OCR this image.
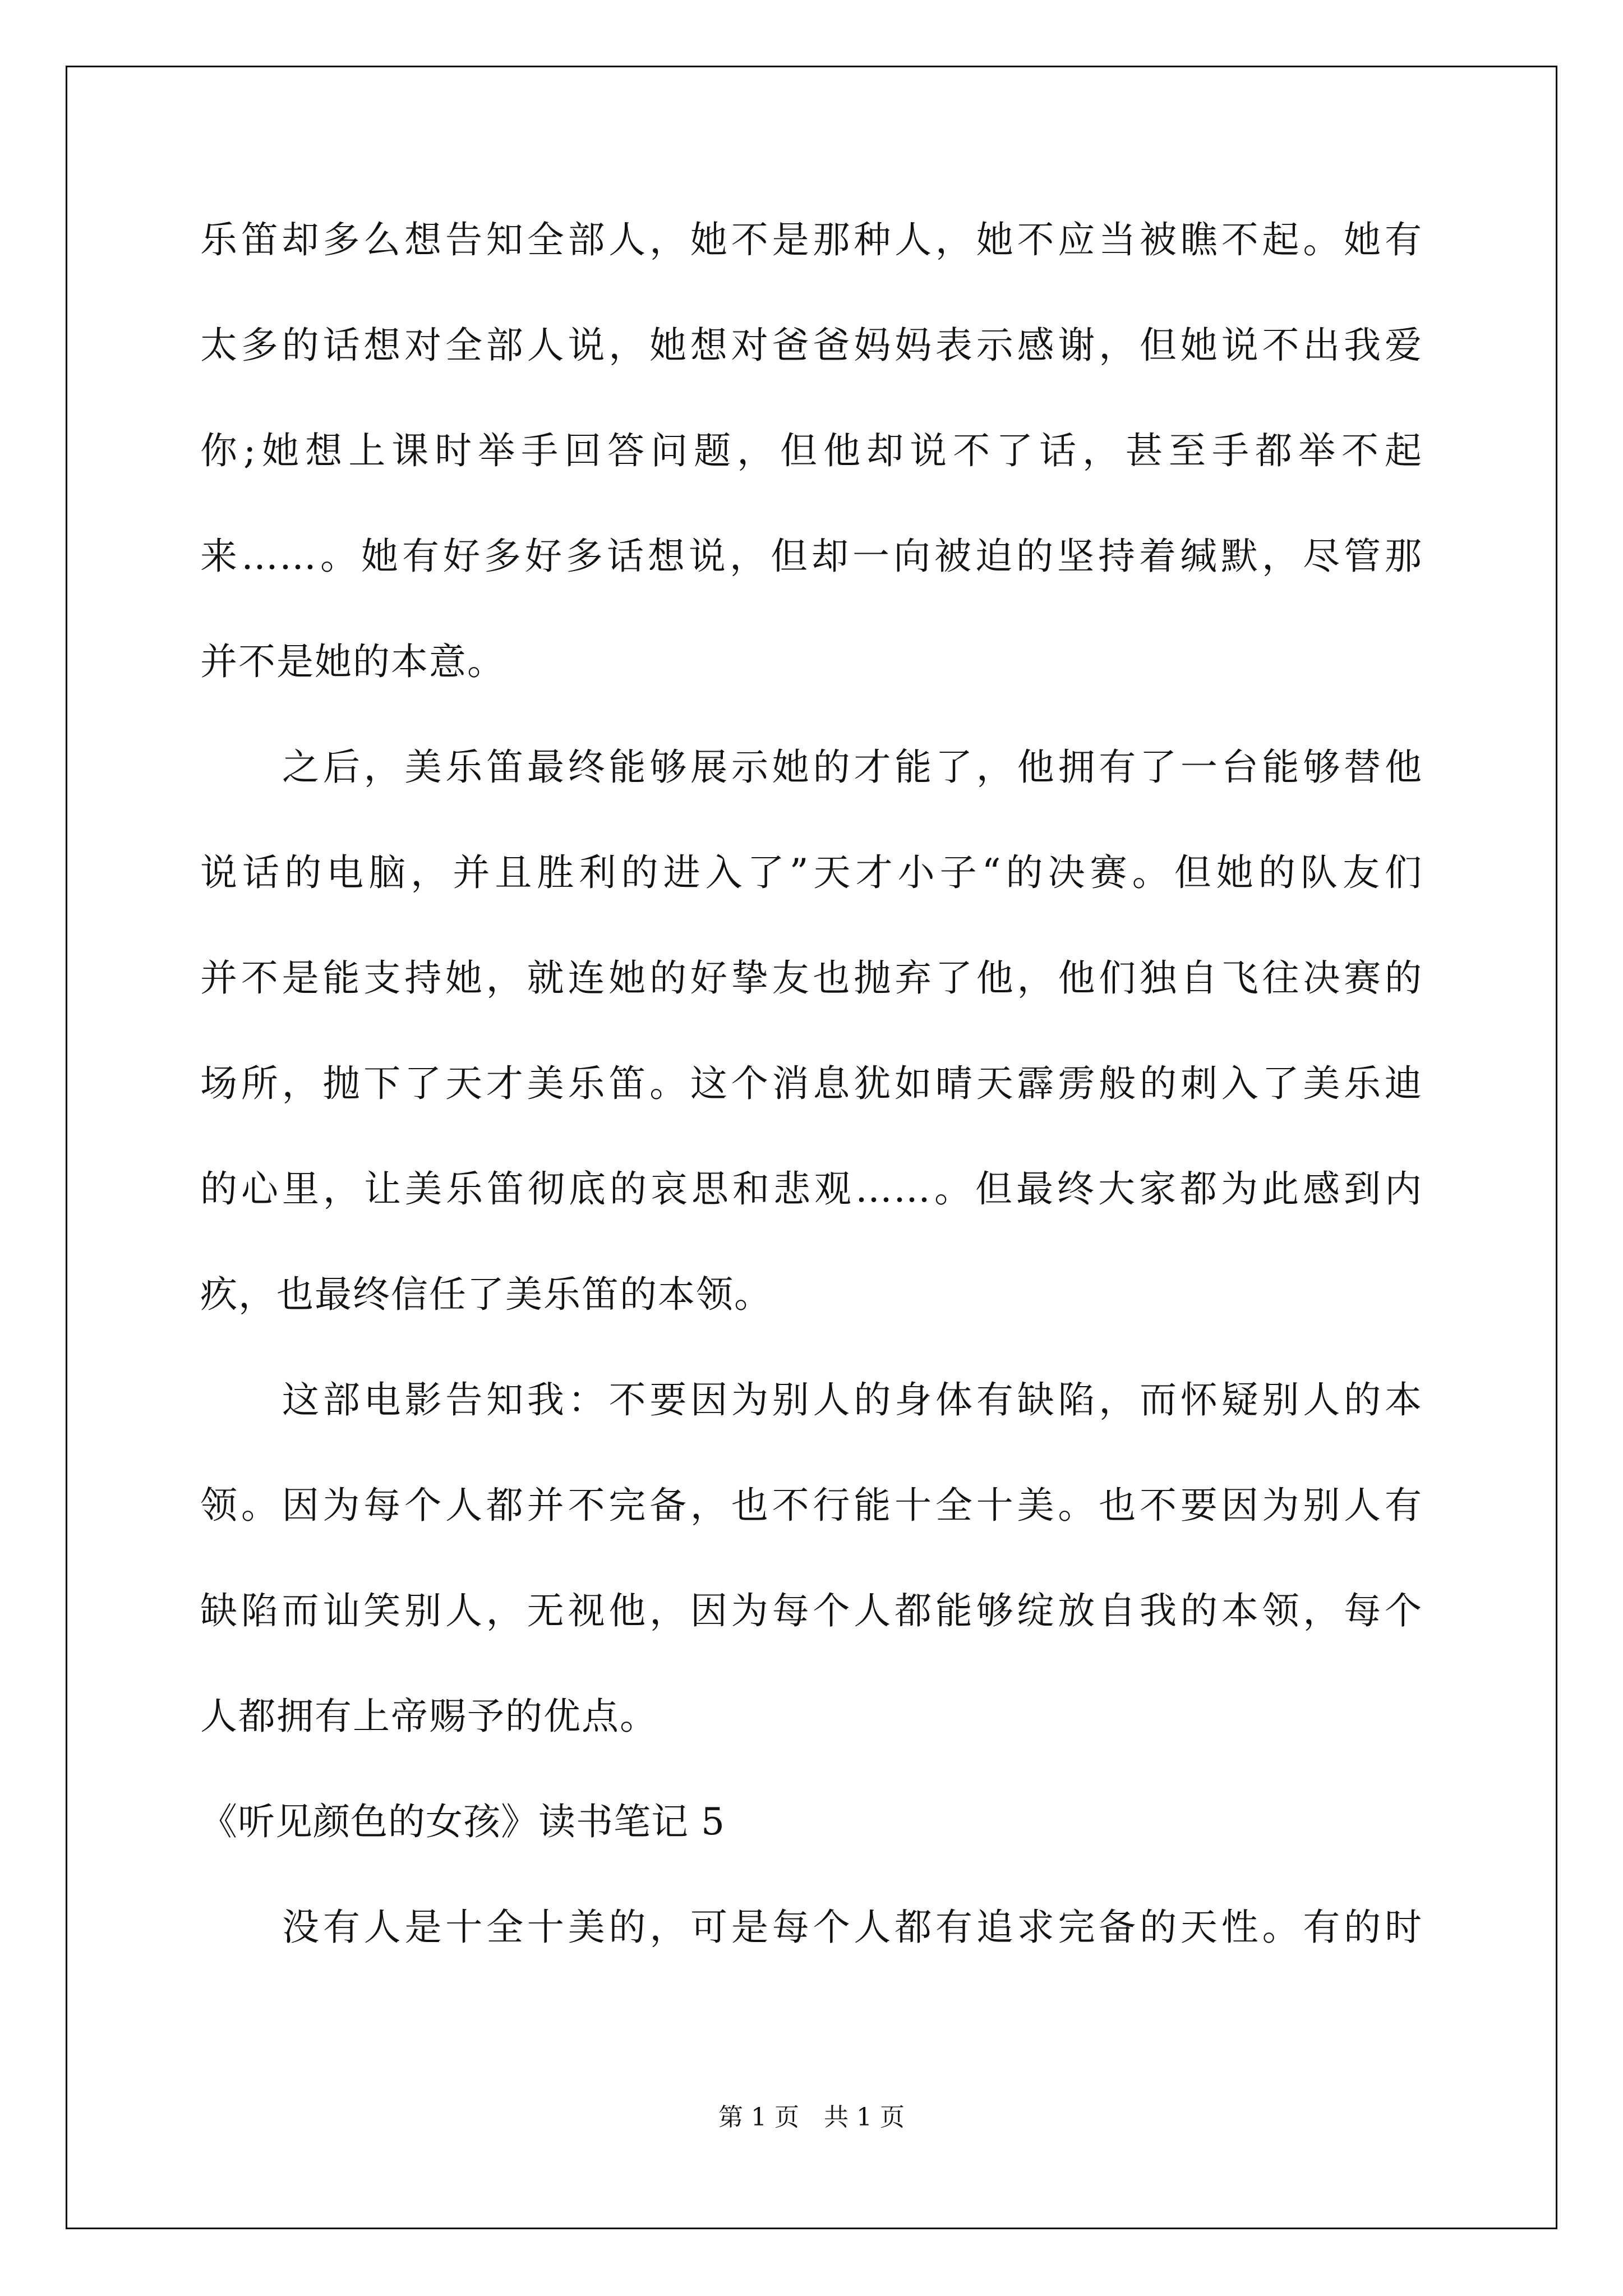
乐笛却多么想告知全部人，她不是那种人，她不应当被瞧不起。她有
太多的话想对全部人说，她想对爸爸妈妈表示感谢，但她说不出我爱
你;她想上课时举手回答问题，但他却说不了话，甚至手都举不起
来……。她有好多好多话想说，但却一向被迫的坚持着缄默，尽管那
并不是她的本意。
之后，美乐笛最终能够展示她的才能了，他拥有了一台能够替他
说话的电脑，并且胜利的进入了”天才小子“的决赛。但她的队友们
并不是能支持她，就连她的好挚友也抛弃了他，他们独自飞往决赛的
场所，抛下了天才美乐笛。这个消息犹如晴天霹雳般的刺入了美乐迪
的心里，让美乐笛彻底的哀思和悲观……。但最终大家都为此感到内
疚，也最终信任了美乐笛的本领。
这部电影告知我：不要因为别人的身体有缺陷，而怀疑别人的本
领。因为每个人都并不完备，也不行能十全十美。也不要因为别人有
缺陷而讪笑别人，无视他，因为每个人都能够绽放自我的本领，每个
人都拥有上帝赐予的优点。
《听见颜色的女孩》读书笔记 5
没有人是十全十美的，可是每个人都有追求完备的天性。有的时
第 1 页　共 1 页
